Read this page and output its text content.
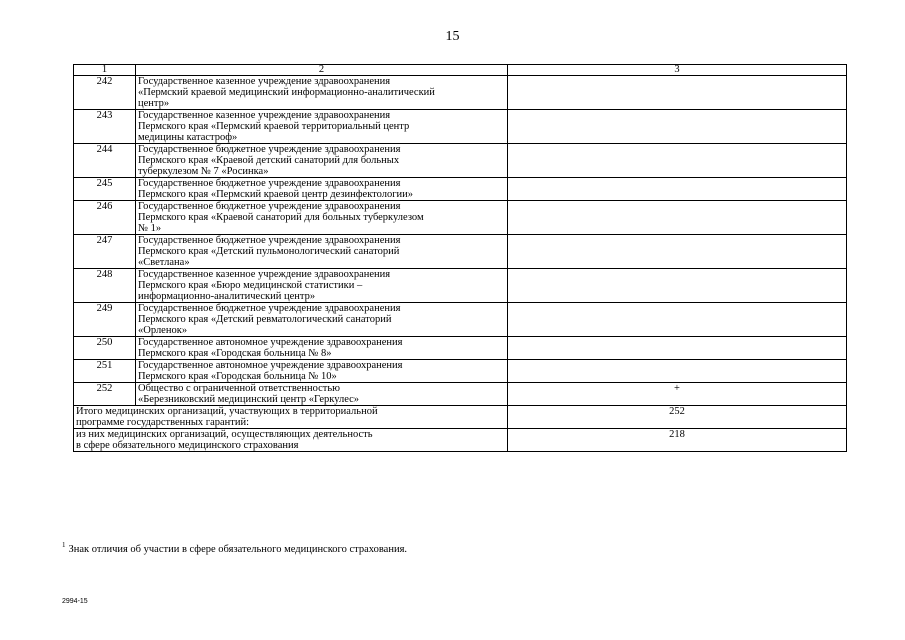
15
1	2	3
242	Государственное казенное учреждение здравоохранения
«Пермский краевой медицинский информационно-аналитический
центр»	

243	Государственное казенное учреждение здравоохранения
Пермского края «Пермский краевой территориальный центр
медицины катастроф»	

244	Государственное бюджетное учреждение здравоохранения
Пермского края «Краевой детский санаторий для больных
туберкулезом № 7 «Росинка»	

245	Государственное бюджетное учреждение здравоохранения
Пермского края «Пермский краевой центр дезинфектологии»	

246	Государственное бюджетное учреждение здравоохранения
Пермского края «Краевой санаторий для больных туберкулезом
№ 1»	

247	Государственное бюджетное учреждение здравоохранения
Пермского края «Детский пульмонологический санаторий
«Светлана»	

248	Государственное казенное учреждение здравоохранения
Пермского края «Бюро медицинской статистики –
информационно-аналитический центр»	

249	Государственное бюджетное учреждение здравоохранения
Пермского края «Детский ревматологический санаторий
«Орленок»	

250	Государственное автономное учреждение здравоохранения
Пермского края «Городская больница № 8»	

251	Государственное автономное учреждение здравоохранения
Пермского края «Городская больница № 10»	

252	Общество с ограниченной ответственностью
«Березниковский медицинский центр «Геркулес»	+

Итого медицинских организаций, участвующих в территориальной
программе государственных гарантий:		252

из них медицинских организаций, осуществляющих деятельность
в сфере обязательного медицинского страхования		218
$^1$ Знак отличия об участии в сфере обязательного медицинского страхования.
2994-15
